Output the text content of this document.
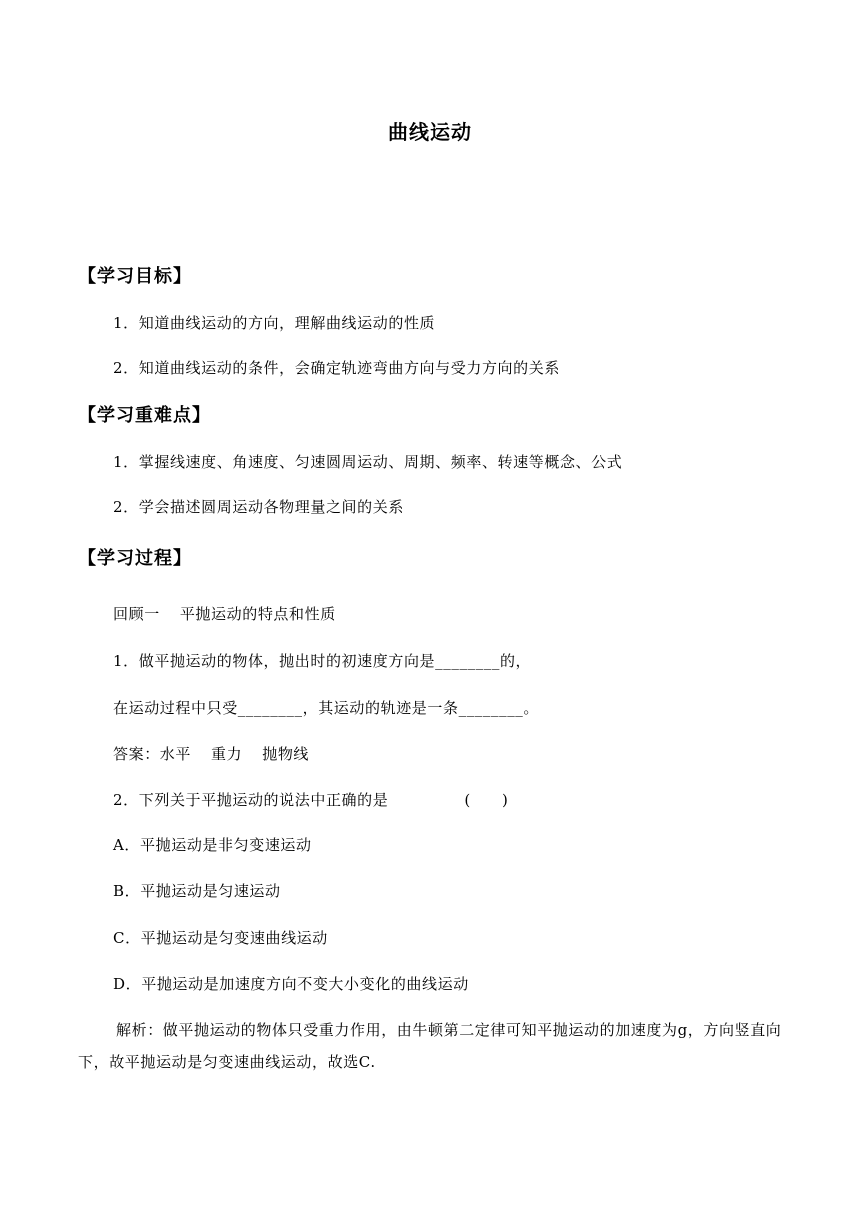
曲线运动
【学习目标】
1．知道曲线运动的方向，理解曲线运动的性质
2．知道曲线运动的条件，会确定轨迹弯曲方向与受力方向的关系
【学习重难点】
1．掌握线速度、角速度、匀速圆周运动、周期、频率、转速等概念、公式
2．学会描述圆周运动各物理量之间的关系
【学习过程】
回顾一 平抛运动的特点和性质
1．做平抛运动的物体，抛出时的初速度方向是________的，
在运动过程中只受________，其运动的轨迹是一条________。
答案：水平 重力 抛物线
2．下列关于平抛运动的说法中正确的是	(　　)
A．平抛运动是非匀变速运动
B．平抛运动是匀速运动
C．平抛运动是匀变速曲线运动
D．平抛运动是加速度方向不变大小变化的曲线运动
解析：做平抛运动的物体只受重力作用，由牛顿第二定律可知平抛运动的加速度为g，方向竖直向下，故平抛运动是匀变速曲线运动，故选C.
